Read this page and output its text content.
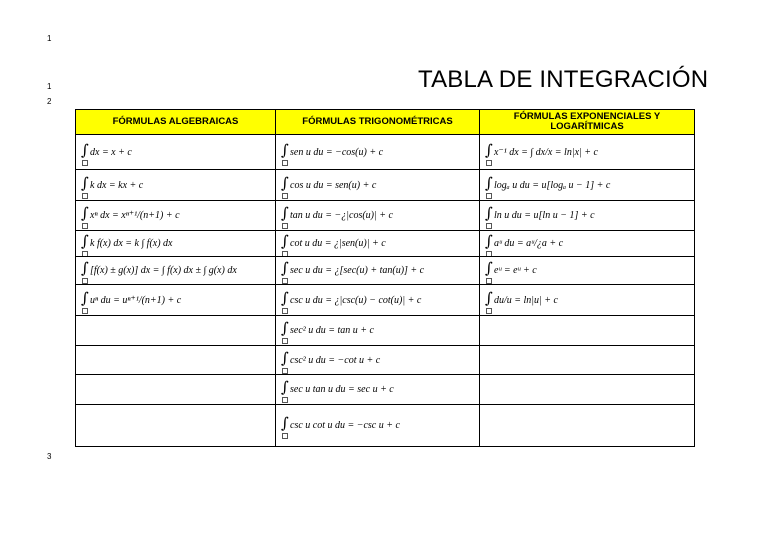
1
1
2
3
TABLA DE INTEGRACIÓN
FÓRMULAS ALGEBRAICAS	FÓRMULAS TRIGONOMÉTRICAS	FÓRMULAS EXPONENCIALES Y LOGARÍTMICAS
∫ dx = x + c	∫ sen u du = −cos(u) + c	∫ x⁻¹ dx = ∫ dx/x = ln|x| + c
∫ k dx = kx + c	∫ cos u du = sen(u) + c	∫ logₐ u du = u[logₐ u − 1] + c
∫ xⁿ dx = xⁿ⁺¹/(n+1) + c	∫ tan u du = −¿|cos(u)| + c	∫ ln u du = u[ln u − 1] + c
∫ k f(x) dx = k ∫ f(x) dx	∫ cot u du = ¿|sen(u)| + c	∫ aᵘ du = aᵘ/¿a + c
∫ [f(x) ± g(x)] dx = ∫ f(x) dx ± ∫ g(x) dx	∫ sec u du = ¿[sec(u) + tan(u)] + c	∫ eᵘ = eᵘ + c
∫ uⁿ du = uⁿ⁺¹/(n+1) + c	∫ csc u du = ¿|csc(u) − cot(u)| + c	∫ du/u = ln|u| + c
	∫ sec² u du = tan u + c	
	∫ csc² u du = −cot u + c	
	∫ sec u tan u du = sec u + c	
	∫ csc u cot u du = −csc u + c	
